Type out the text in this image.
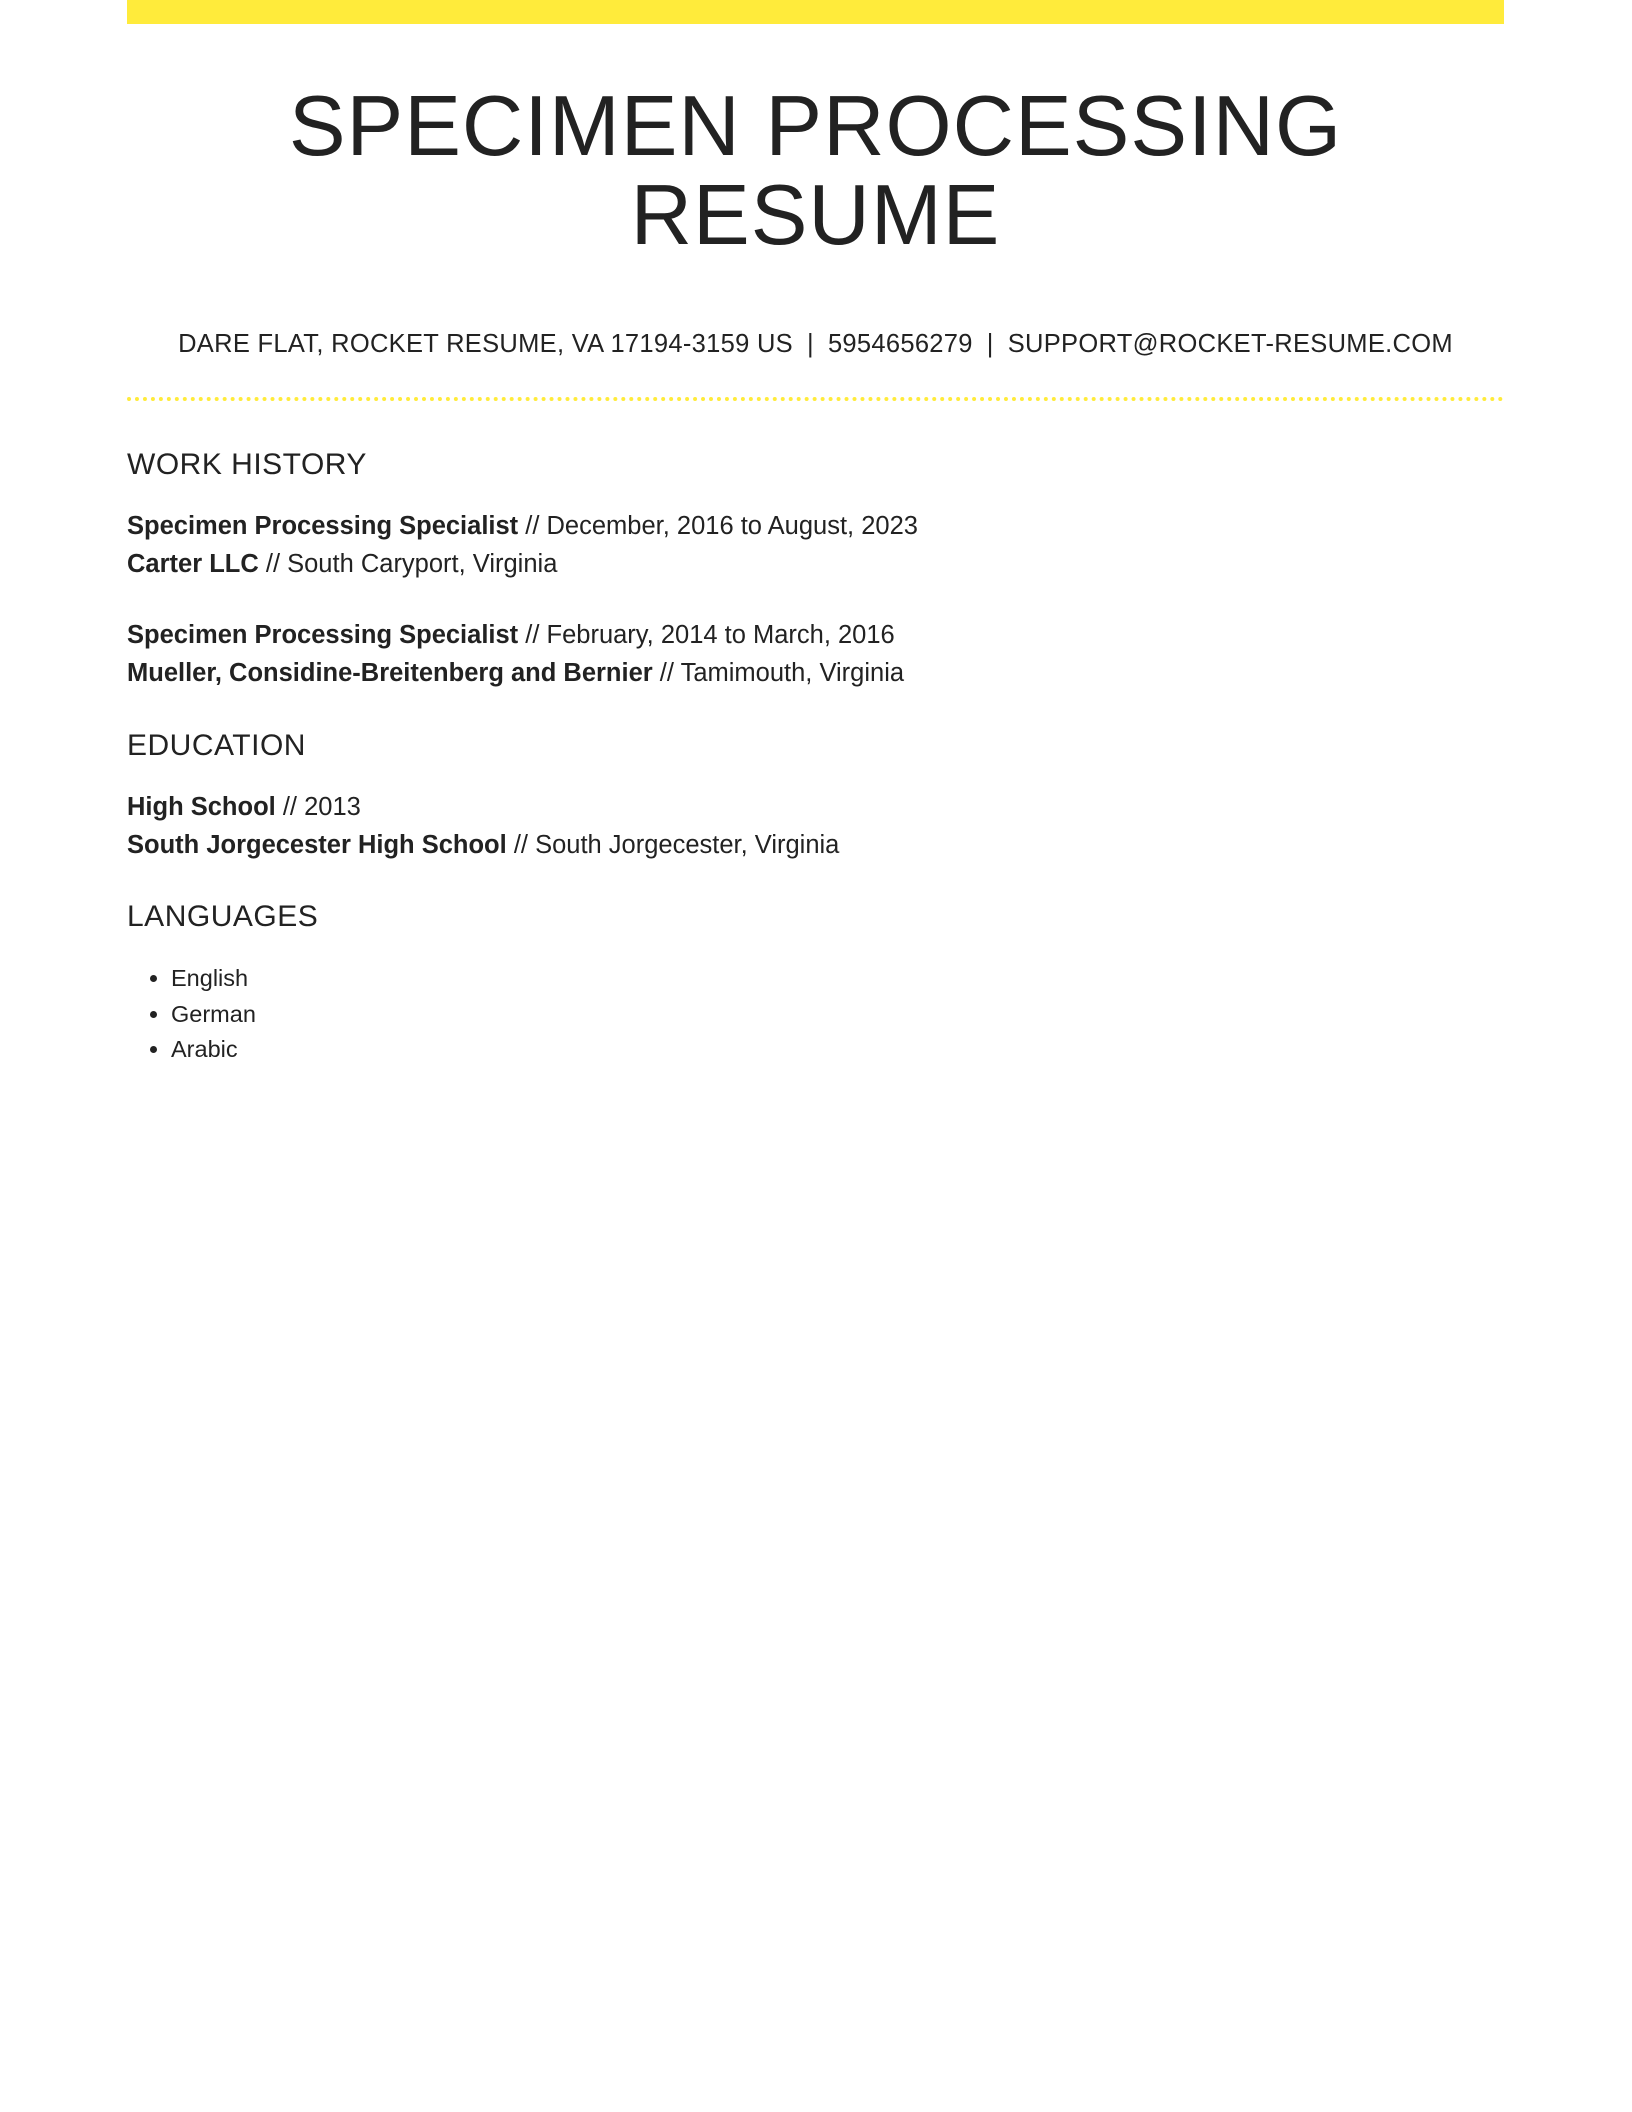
SPECIMEN PROCESSING RESUME
DARE FLAT, ROCKET RESUME, VA 17194-3159 US | 5954656279 | SUPPORT@ROCKET-RESUME.COM
WORK HISTORY
Specimen Processing Specialist // December, 2016 to August, 2023
Carter LLC // South Caryport, Virginia
Specimen Processing Specialist // February, 2014 to March, 2016
Mueller, Considine-Breitenberg and Bernier // Tamimouth, Virginia
EDUCATION
High School // 2013
South Jorgecester High School // South Jorgecester, Virginia
LANGUAGES
• English
• German
• Arabic
